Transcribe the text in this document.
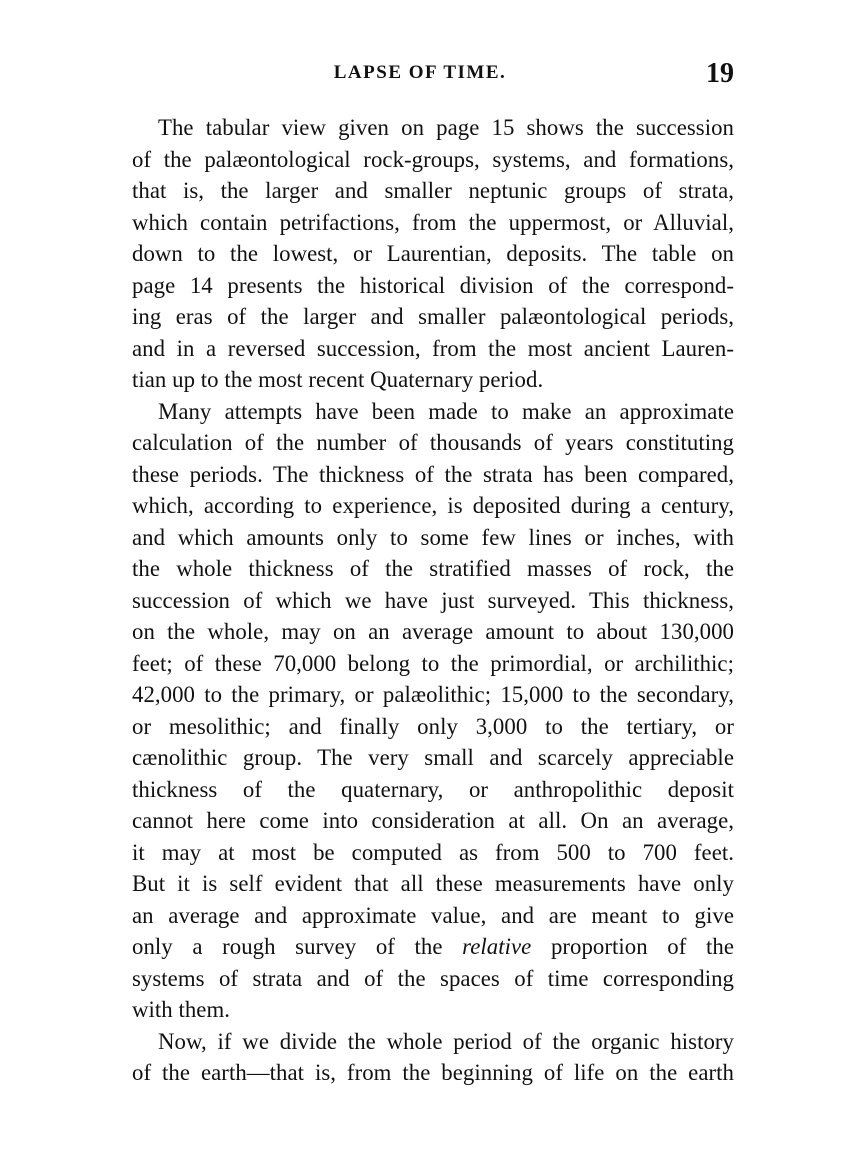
LAPSE OF TIME.	19
The tabular view given on page 15 shows the succession
of the palæontological rock-groups, systems, and formations,
that is, the larger and smaller neptunic groups of strata,
which contain petrifactions, from the uppermost, or Alluvial,
down to the lowest, or Laurentian, deposits. The table on
page 14 presents the historical division of the correspond-
ing eras of the larger and smaller palæontological periods,
and in a reversed succession, from the most ancient Lauren-
tian up to the most recent Quaternary period.
Many attempts have been made to make an approximate
calculation of the number of thousands of years constituting
these periods. The thickness of the strata has been compared,
which, according to experience, is deposited during a century,
and which amounts only to some few lines or inches, with
the whole thickness of the stratified masses of rock, the
succession of which we have just surveyed. This thickness,
on the whole, may on an average amount to about 130,000
feet; of these 70,000 belong to the primordial, or archilithic;
42,000 to the primary, or palæolithic; 15,000 to the secondary,
or mesolithic; and finally only 3,000 to the tertiary, or
cænolithic group. The very small and scarcely appreciable
thickness of the quaternary, or anthropolithic deposit
cannot here come into consideration at all. On an average,
it may at most be computed as from 500 to 700 feet.
But it is self evident that all these measurements have only
an average and approximate value, and are meant to give
only a rough survey of the relative proportion of the
systems of strata and of the spaces of time corresponding
with them.
Now, if we divide the whole period of the organic history
of the earth—that is, from the beginning of life on the earth
